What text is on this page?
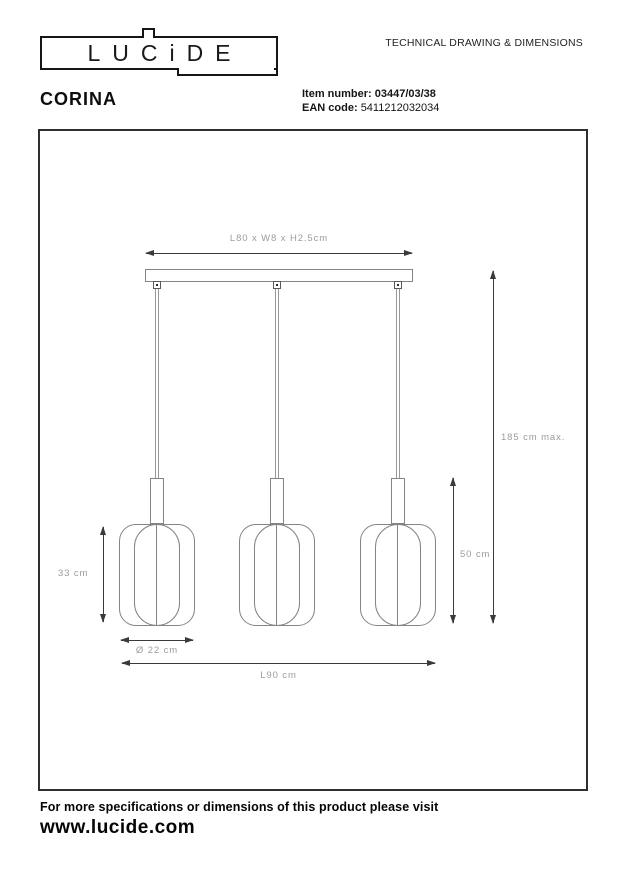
LUCiDE	TECHNICAL DRAWING & DIMENSIONS
CORINA	Item number: 03447/03/38
EAN code: 5411212032034
L80 x W8 x H2.5cm
33 cm
Ø 22 cm
L90 cm
50 cm
185 cm max.
For more specifications or dimensions of this product please visit
www.lucide.com
